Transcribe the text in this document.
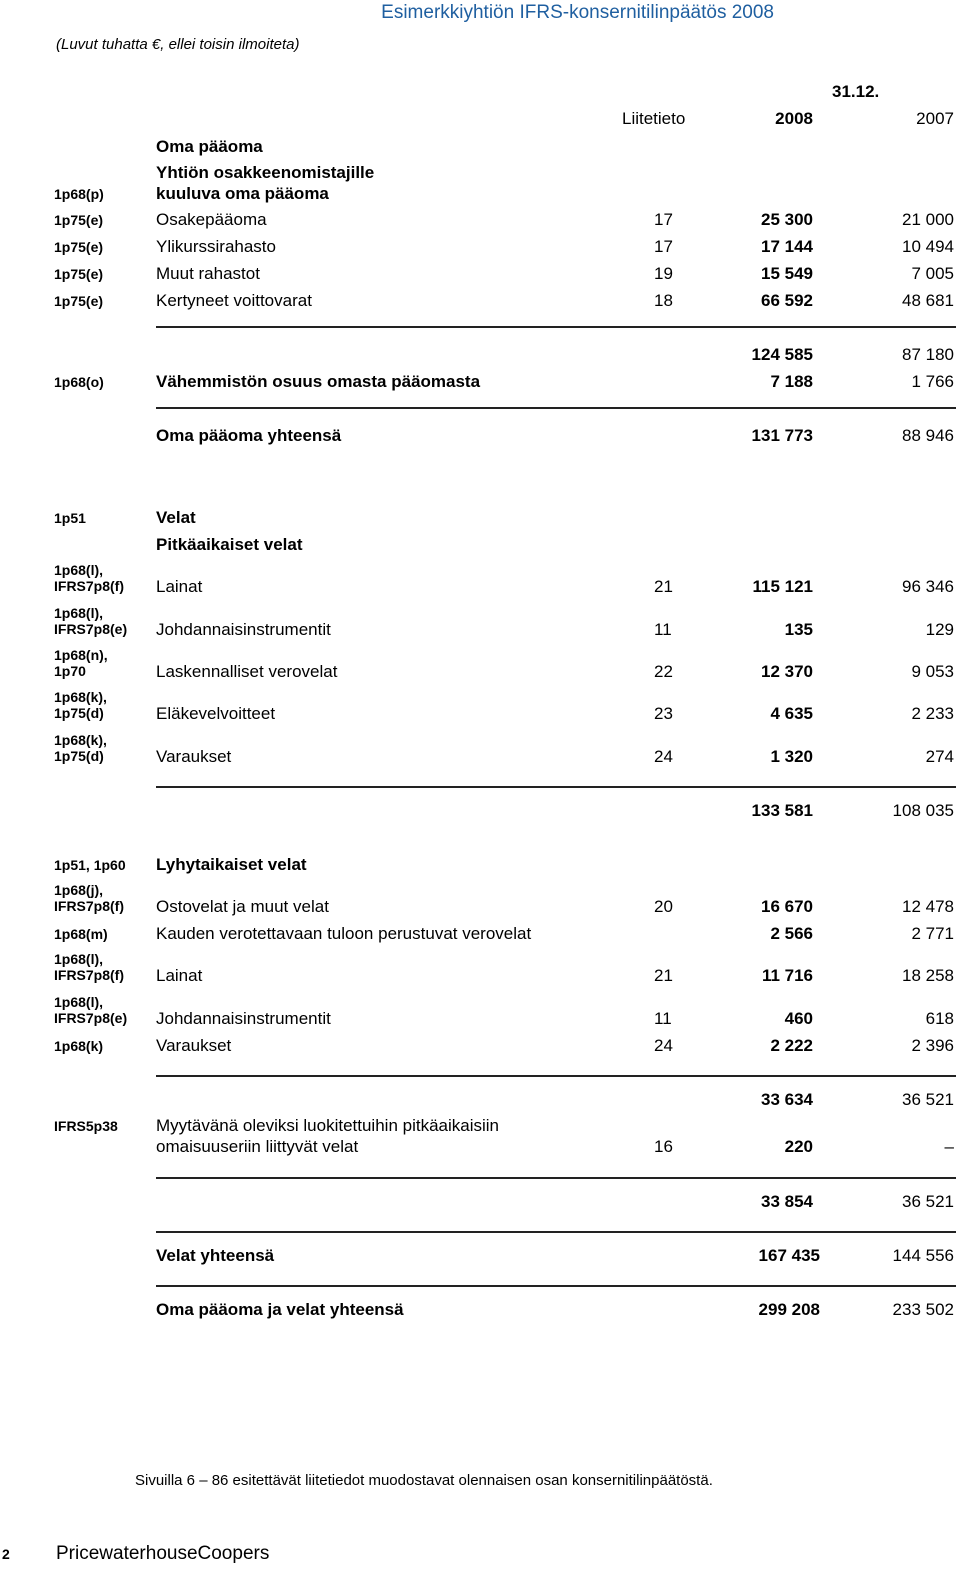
Esimerkkiyhtiön IFRS-konsernitilinpäätös 2008
(Luvut tuhatta €, ellei toisin ilmoiteta)
31.12.
Liitetieto	2008	2007
Oma pääoma
Yhtiön osakkeenomistajille
kuuluva oma pääoma
1p68(p)
1p75(e)	Osakepääoma	17	25 300	21 000
1p75(e)	Ylikurssirahasto	17	17 144	10 494
1p75(e)	Muut rahastot	19	15 549	7 005
1p75(e)	Kertyneet voittovarat	18	66 592	48 681
124 585	87 180
1p68(o)	Vähemmistön osuus omasta pääomasta	7 188	1 766
Oma pääoma yhteensä	131 773	88 946
1p51	Velat
Pitkäaikaiset velat
1p68(l),
IFRS7p8(f) Lainat	21	115 121	96 346
1p68(l),
IFRS7p8(e) Johdannaisinstrumentit	11	135	129
1p68(n),
1p70	Laskennalliset verovelat	22	12 370	9 053
1p68(k),
1p75(d)	Eläkevelvoitteet	23	4 635	2 233
1p68(k),
1p75(d)	Varaukset	24	1 320	274
133 581	108 035
1p51, 1p60 Lyhytaikaiset velat
1p68(j),
IFRS7p8(f) Ostovelat ja muut velat	20	16 670	12 478
1p68(m)	Kauden verotettavaan tuloon perustuvat verovelat	2 566	2 771
1p68(l),
IFRS7p8(f) Lainat	21	11 716	18 258
1p68(l),
IFRS7p8(e) Johdannaisinstrumentit	11	460	618
1p68(k)	Varaukset	24	2 222	2 396
33 634	36 521
IFRS5p38 Myytävänä oleviksi luokitettuihin pitkäaikaisiin
omaisuuseriin liittyvät velat	16	220	–
33 854	36 521
Velat yhteensä	167 435	144 556
Oma pääoma ja velat yhteensä	299 208	233 502
Sivuilla 6 – 86 esitettävät liitetiedot muodostavat olennaisen osan konsernitilinpäätöstä.
2 PricewaterhouseCoopers
